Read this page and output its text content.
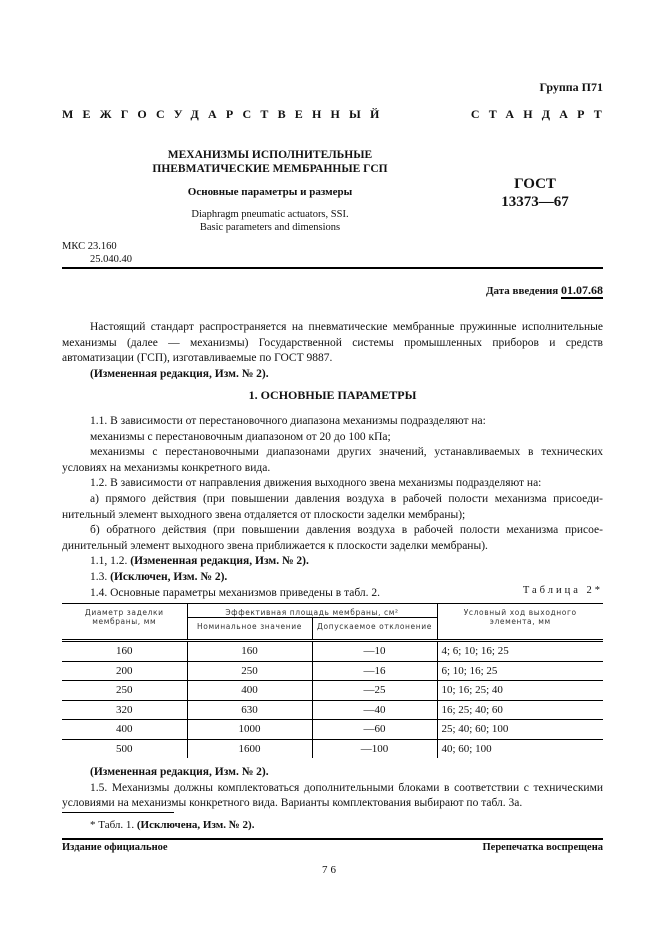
Группа П71
МЕЖГОСУДАРСТВЕННЫЙ	СТАНДАРТ
МЕХАНИЗМЫ ИСПОЛНИТЕЛЬНЫЕ
ПНЕВМАТИЧЕСКИЕ МЕМБРАННЫЕ ГСП
Основные параметры и размеры
Diaphragm pneumatic actuators, SSI.
Basic parameters and dimensions
ГОСТ
13373—67
МКС 23.160
25.040.40
Дата введения 01.07.68

Настоящий стандарт распространяется на пневматические мембранные пружинные исполнительные механизмы (далее — механизмы) Государственной системы промышленных приборов и средств автоматизации (ГСП), изготавливаемые по ГОСТ 9887.

(Измененная редакция, Изм. № 2).

1. ОСНОВНЫЕ ПАРАМЕТРЫ

1.1. В зависимости от перестановочного диапазона механизмы подразделяют на:

механизмы с перестановочным диапазоном от 20 до 100 кПа;

механизмы с перестановочными диапазонами других значений, устанавливаемых в технических условиях на механизмы конкретного вида.

1.2. В зависимости от направления движения выходного звена механизмы подразделяют на:

а) прямого действия (при повышении давления воздуха в рабочей полости механизма присоединительный элемент выходного звена отдаляется от плоскости заделки мембраны);

б) обратного действия (при повышении давления воздуха в рабочей полости механизма присоединительный элемент выходного звена приближается к плоскости заделки мембраны).

1.1, 1.2. (Измененная редакция, Изм. № 2).

1.3. (Исключен, Изм. № 2).

1.4. Основные параметры механизмов приведены в табл. 2.	Таблица 2*
Диаметр заделки мембраны, мм	Эффективная площадь мембраны, см²		Условный ход выходного элемента, мм
	Номинальное значение	Допускаемое отклонение	
160	160	—10	4; 6; 10; 16; 25
200	250	—16	6; 10; 16; 25
250	400	—25	10; 16; 25; 40
320	630	—40	16; 25; 40; 60
400	1000	—60	25; 40; 60; 100
500	1600	—100	40; 60; 100

(Измененная редакция, Изм. № 2).

1.5. Механизмы должны комплектоваться дополнительными блоками в соответствии с техническими условиями на механизмы конкретного вида. Варианты комплектования выбирают по табл. 3а.

* Табл. 1. (Исключена, Изм. № 2).
Издание официальное	Перепечатка воспрещена
76
